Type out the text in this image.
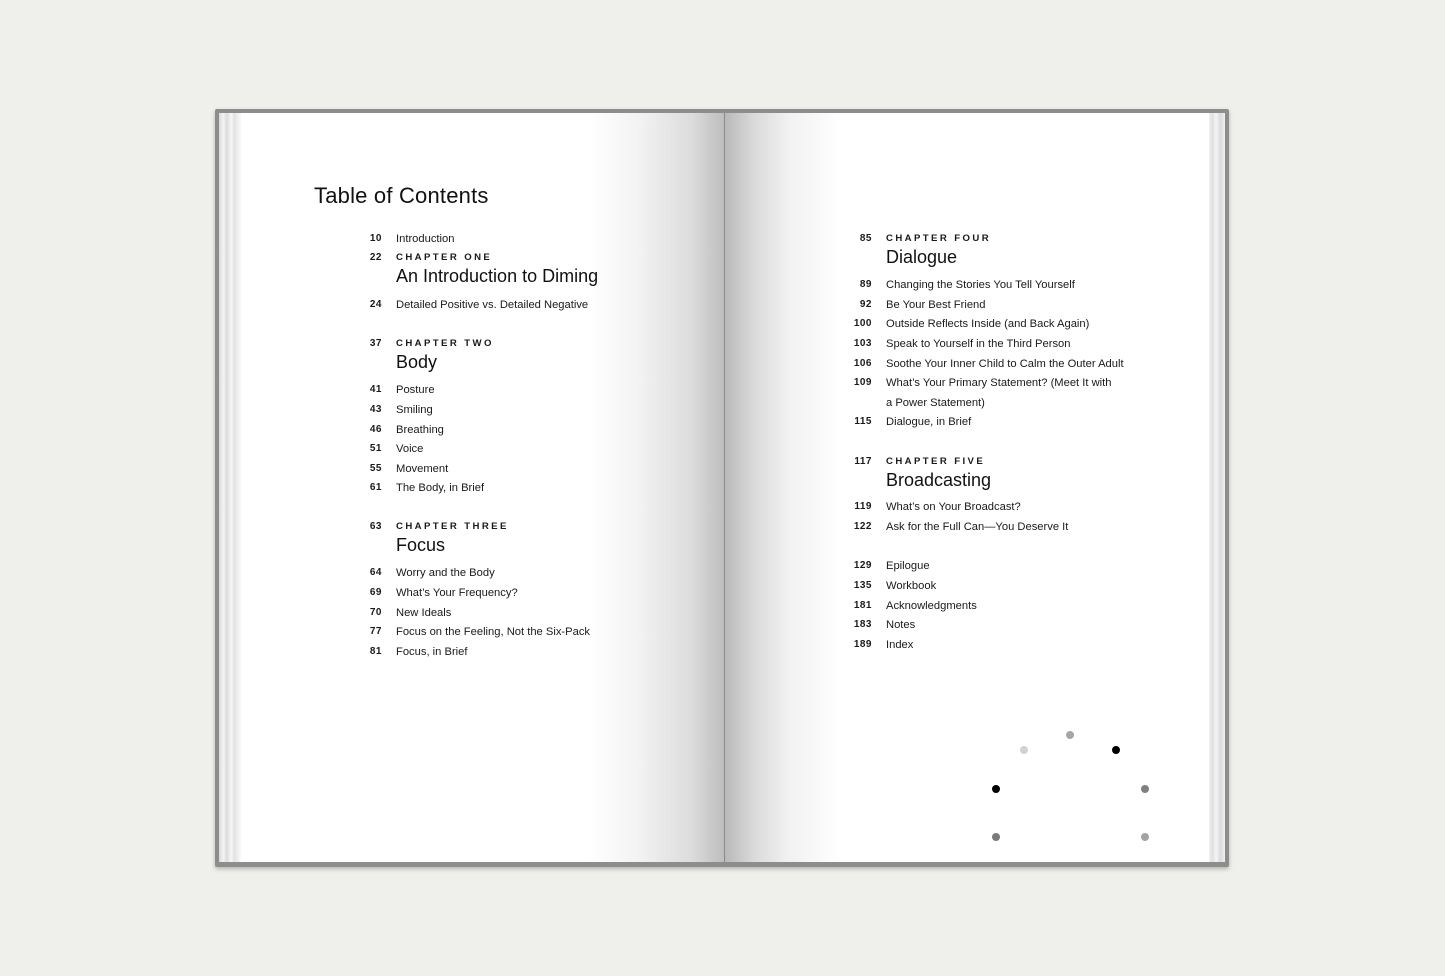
Table of Contents
10 Introduction
22 CHAPTER ONE
An Introduction to Diming
24 Detailed Positive vs. Detailed Negative
37 CHAPTER TWO
Body
41 Posture
43 Smiling
46 Breathing
51 Voice
55 Movement
61 The Body, in Brief
63 CHAPTER THREE
Focus
64 Worry and the Body
69 What’s Your Frequency?
70 New Ideals
77 Focus on the Feeling, Not the Six-Pack
81 Focus, in Brief
85 CHAPTER FOUR
Dialogue
89 Changing the Stories You Tell Yourself
92 Be Your Best Friend
100 Outside Reflects Inside (and Back Again)
103 Speak to Yourself in the Third Person
106 Soothe Your Inner Child to Calm the Outer Adult
109 What’s Your Primary Statement? (Meet It with
a Power Statement)
115 Dialogue, in Brief
117 CHAPTER FIVE
Broadcasting
119 What’s on Your Broadcast?
122 Ask for the Full Can—You Deserve It
129 Epilogue
135 Workbook
181 Acknowledgments
183 Notes
189 Index
